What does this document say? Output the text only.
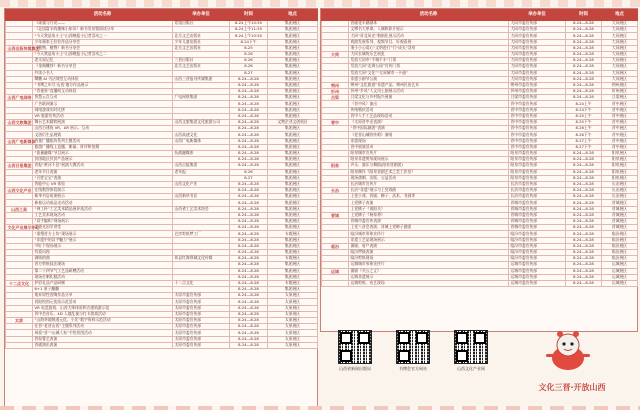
	活动名称	举办单位	时间	地点
	《顽童与月亮——	希望出版社	8.24上午10:30	集团展区
	《北国富丰的趣味小知识》新书发布暨阅读分享		8.24上午11:30	集团展区
	“今天我是角斗士”山西晚报小记者活动之一	北岳文艺出版社	8.24上午10:30	集团展区
	少年画家王拉拉作品分享会	少年儿童出版社	8.24下午	集团展区
山西出版传媒集团	《植物、植物》新书分享会	北岳文艺出版社	8.25	集团展区
	“今天我是角斗士”山西晚报小记者活动之二		8.26	集团展区
	老太原记忆	三晋出版社	8.26	集团展区
	《金阁雕钞》新书分享会	北岳文艺出版社	8.26	集团展区
	共读小书人		8.27	集团展区
	鹭鹏 AI 书法课堂互动体验	山西三晋报刊传媒集团	8.24—8.28	集团展区
	“书博之年写‘山西’地方作品展示		8.24—8.28	集团展区
	“晋视界”直播间互动体验		8.24—8.28	集团展区
山西广电网络	智慧云点互动	广电网络集团	8.24—8.28	集团展区
	广告联网演示		8.24—8.28	集团展区
	网络游戏实时比拼		8.24—8.28	集团展区
	VR 旅游宣传活动		8.24—8.28	集团展区
山西文旅集团	舞台艺术精粹展演	山西文旅集团文化旅游公司	8.24—8.28	文物企业文创展区
	山西百建筑 VR、AR 展示、互动		8.24—8.28	集团展区
	文创衍生品展销	山西高速文化	8.24—8.28	集团展区
山西广电新媒体	晋视广播矩阵系列主题活动	山西广电新媒体	8.24—8.28	集团展区
	旅游广播线上直播、朗诵、讲评和拍摄		8.24—8.28	集团展区
	“流量融媒”节目展示	抗战融媒体	8.24—8.28	集团展区
	贫困地区扶贫产品展示		8.24—8.28	集团展区
山西日报集团	晋报“黄河不息”展演大赛活动	山西日报集团	8.24—8.28	集团展区
	老年节日表演	老年报	8.26	集团展区
	“百姓宝宝”表演		8.27	集团展区
	智能中心 VR 体验	山西文化产业	8.24—8.28	集团展区
山西文化产业	在线数智体验演示		8.24—8.28	集团展区
	新华书店成果展示	山西新华书店	8.24—8.28	集团展区
	新春运动成品走动活动		8.24—8.28	集团展区
山西工美	“神工杯”工艺美术精品展评选活动	山西省工艺美术协会	8.24—8.28	集团展区
	工艺美术现场活动		8.24—8.28	集团展区
	“双手编织”现场展示		8.24—8.28	集团展区
文化产业展示中心	盖晓光国学讲堂		8.24—8.28	集团展区
	“重塑晋方土坊”现场展示	巴彦剪纸梦工厂	8.24—8.28	专题展区
	“非遗中的汉字魅力”展示		8.24—8.28	集团展区
	“叫门”现场展示		8.24—8.28	集团展区
	有爱问视		8.24—8.28	集团展区
	满街的曲	祁县红海领域文化传媒	8.24—8.28	专题展区
	晋方剪纸技法现场		8.24—8.28	集团展区
	第二十四节气工艺品研磨活动		8.24—8.28	集团展区
	现场打制礼糕活动		8.24—8.28	集团展区
十二点文化	护唇礼品产品研制	十二点文化	8.24—8.28	专题展区
	6+1 原子翻翻		8.24—8.28	集团展区
	废弃原性晋陶作品分享	太原市委宣传部	8.24—8.28	太原展区
	晋阳绘图元优质示范活动	太原市委宣传部	8.24—8.28	太原展区
	VR 电竞游戏、山西大师体验和古建筑游示范	太原市委宣传部	8.24—8.28	太原展区
	晋中会音乐、4D 入地乱视与打卡游戏活动	太原市委宣传部	8.24—8.28	太原展区
太原	“山海华地锦道元优、小比”数字资料示范活动	太原市委宣传部	8.24—8.28	太原展区
	在晋“老晋山西”主题系列活动	太原市委宣传部	8.24—8.28	太原展区
	周爱“晋”“山城人家”手绘切图活动	太原市委宣传部	8.24—8.28	太原展区
	晋侯曹艺表演	太原市委宣传部	8.24—8.28	太原展区
	晋剧演出表演	太原市委宣传部	8.24—8.28	太原展区
	活动名称	举办单位	时间	地点
	晋剧花车剧剧本	大同市委宣传部	8.24—8.28	大同展区
	文博书大革命、人偶和影片展示	大同市委宣传部	8.24—8.28	大同展区
	大同“晋北风光”数据化展示活动	大同市委宣传部	8.24—8.28	大同展区
	戏曲发展系列、视频节目、好观看展	大同市委宣传部	8.24—8.28	大同展区
	秉小小心爱心“文明进行”行“成长”活动	大同市委宣传部	8.24—8.28	大同展区
大同	大同长城的乐艺展览	大同市委宣传部	8.24—8.28	大同展区
	发放大同市“千城千车”门票	大同市委宣传部	8.24—8.28	大同展区
	发放大同“北海公园”宣传门票	大同市委宣传部	8.24—8.28	大同展区
	发放大同“文化”“太原城市一卡通”	大同市委宣传部	8.24—8.28	大同展区
	非遗小剧节公演	大同市委宣传部	8.24—8.28	大同展区
朔州	朔州“文化旅游”非遗产品、朔州民俗艺术	朔州市委宣传部	8.24—8.28	朔州展区
忻州	忻州“乡风”人文风土剧展示活动	忻州市委宣传部	8.24—8.28	忻州展区
吕梁	吕梁文化与乡村振兴展演	吕梁市委宣传部	8.24—8.28	吕梁展区
	《晋中风》演出	晋中市委宣传部	8.24上午	晋中展区
	传统婚庆活动	晋中市委宣传部	8.24下午	晋中展区
	晋中人手工艺品现场活动	晋中市委宣传部	8.25上午	晋中展区
晋中	《太原晋中走表演》	晋中市委宣传部	8.25下午	晋中展区
	“晋中国际剧团”表演	晋中市委宣传部	8.26上午	晋中展区
	《老晋山城的传唱》演唱	晋中市委宣传部	8.26下午	晋中展区
	非遗现场	晋中市委宣传部	8.27上午	晋中展区
	晋中展演活动	晋中市委宣传部	8.27下午	晋中展区
	阳泉城市宣传片	阳泉市委宣传部	8.24—8.28	阳泉展区
	阳泉非遗剪纸现场展示	阳泉市委宣传部	8.24—8.28	阳泉展区
阳泉	声乐、器乐与舞蹈(阳泉晋剧团)	阳泉市委宣传部	8.24—8.28	阳泉展区
	阳泉制作《阳泉晋剧艺术之美工作室》	阳泉市委宣传部	8.24—8.28	阳泉展区
	现场烧制、出版、公益活动	阳泉市委宣传部	8.24—8.28	阳泉展区
	长治城市宣传片	长治市委宣传部	8.24—8.28	长治展区
长治	长治“非遗”展示与上党戏曲	长治市委宣传部	8.24—8.28	长治展区
	上党小戏、晋剧、梆子、武术、书画等	长治市委宣传部	8.24—8.28	长治展区
	上党梆子表演	晋城市委宣传部	8.24—8.28	晋城展区
	上党梆子《南阳关》	晋城市委宣传部	8.24—8.28	晋城展区
晋城	上党梆子《杨家将》	晋城市委宣传部	8.24—8.28	晋城展区
	晋城市委宣传表演	晋城市委宣传部	8.24—8.28	晋城展区
	上党八音会表演、晋城上党梆子剧团	晋城市委宣传部	8.24—8.28	晋城展区
	临汾城市形象宣传片	临汾市委宣传部	8.24—8.28	临汾展区
	非遗工艺品现场展示	临汾市委宣传部	8.24—8.28	临汾展区
临汾	蒲剧、眉户表演	临汾市委宣传部	8.24—8.28	临汾展区
	临汾锣鼓表演	临汾市委宣传部	8.24—8.28	临汾展区
	临汾剪纸现场	临汾市委宣传部	8.24—8.28	临汾展区
	运城城市形象宣传片	运城市委宣传部	8.24—8.28	运城展区
运城	蒲剧《关公之义》	运城市委宣传部	8.24—8.28	运城展区
	运城非遗展示	运城市委宣传部	8.24—8.28	运城展区
	运城剪纸、布艺现场	运城市委宣传部	8.24—8.28	运城展区
山西省新闻出版局	书博会官方网站	山西文化产业网
文化三晋·开放山西
